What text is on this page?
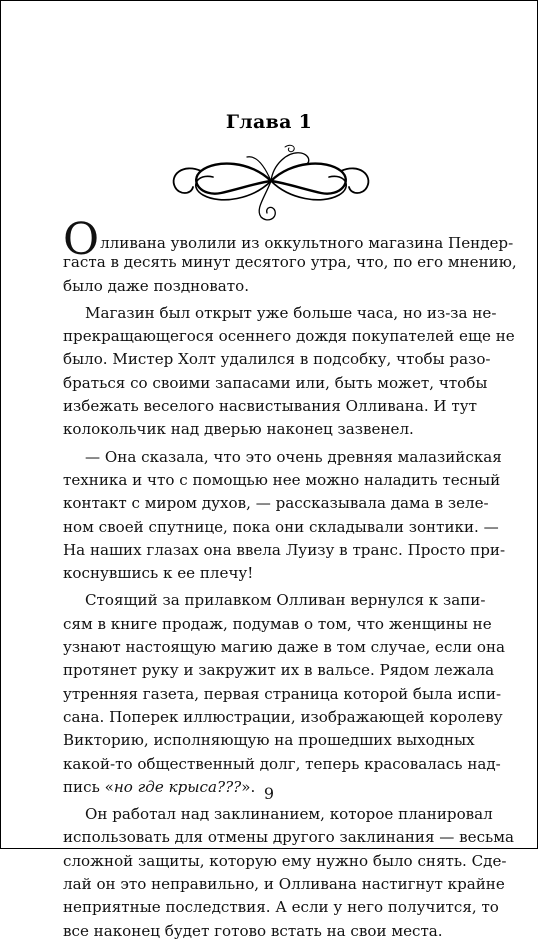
Глава 1
Олливана уволили из оккультного магазина Пендер-
гаста в десять минут десятого утра, что, по его мнению,
было даже поздновато.
Магазин был открыт уже больше часа, но из-за не-
прекращающегося осеннего дождя покупателей еще не
было. Мистер Холт удалился в подсобку, чтобы разо-
браться со своими запасами или, быть может, чтобы
избежать веселого насвистывания Олливана. И тут
колокольчик над дверью наконец зазвенел.
— Она сказала, что это очень древняя малазийская
техника и что с помощью нее можно наладить тесный
контакт с миром духов, — рассказывала дама в зеле-
ном своей спутнице, пока они складывали зонтики. —
На наших глазах она ввела Луизу в транс. Просто при-
коснувшись к ее плечу!
Стоящий за прилавком Олливан вернулся к запи-
сям в книге продаж, подумав о том, что женщины не
узнают настоящую магию даже в том случае, если она
протянет руку и закружит их в вальсе. Рядом лежала
утренняя газета, первая страница которой была испи-
сана. Поперек иллюстрации, изображающей королеву
Викторию, исполняющую на прошедших выходных
какой-то общественный долг, теперь красовалась над-
пись «но где крыса???».
Он работал над заклинанием, которое планировал
использовать для отмены другого заклинания — весьма
сложной защиты, которую ему нужно было снять. Сде-
лай он это неправильно, и Олливана настигнут крайне
неприятные последствия. А если у него получится, то
все наконец будет готово встать на свои места.
9
